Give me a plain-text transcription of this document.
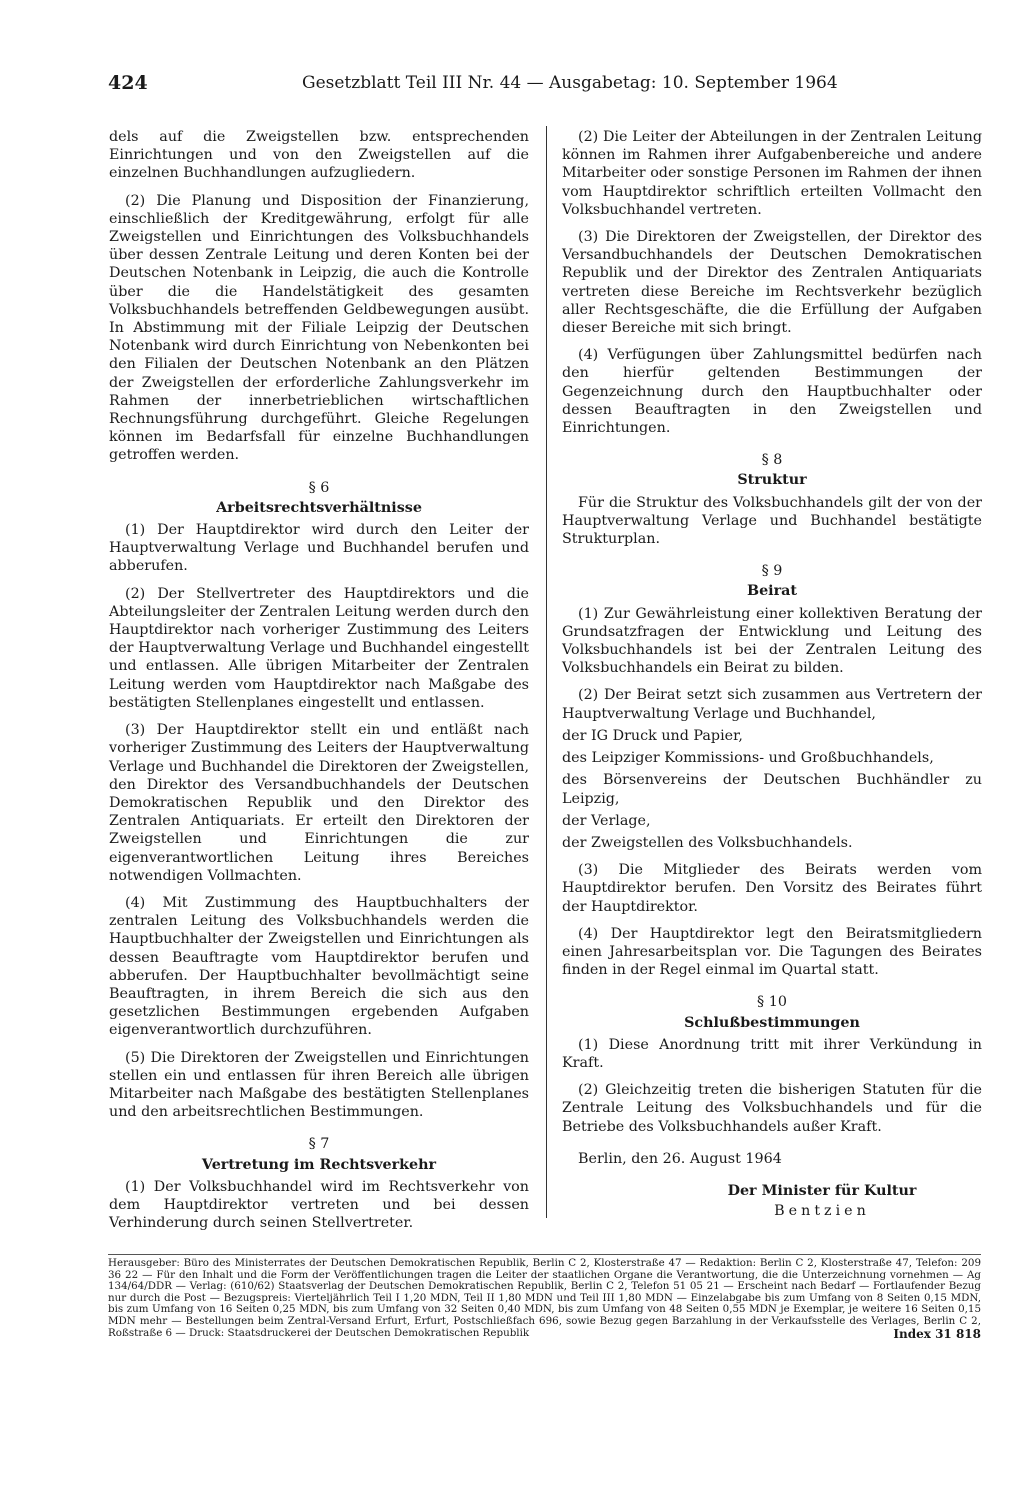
424	Gesetzblatt Teil III Nr. 44 — Ausgabetag: 10. September 1964

dels auf die Zweigstellen bzw. entsprechenden Einrichtungen und von den Zweigstellen auf die einzelnen Buchhandlungen aufzugliedern.

(2) Die Planung und Disposition der Finanzierung, einschließlich der Kreditgewährung, erfolgt für alle Zweigstellen und Einrichtungen des Volksbuchhandels über dessen Zentrale Leitung und deren Konten bei der Deutschen Notenbank in Leipzig, die auch die Kontrolle über die die Handelstätigkeit des gesamten Volksbuchhandels betreffenden Geldbewegungen ausübt. In Abstimmung mit der Filiale Leipzig der Deutschen Notenbank wird durch Einrichtung von Nebenkonten bei den Filialen der Deutschen Notenbank an den Plätzen der Zweigstellen der erforderliche Zahlungsverkehr im Rahmen der innerbetrieblichen wirtschaftlichen Rechnungsführung durchgeführt. Gleiche Regelungen können im Bedarfsfall für einzelne Buchhandlungen getroffen werden.

§ 6
Arbeitsrechtsverhältnisse

(1) Der Hauptdirektor wird durch den Leiter der Hauptverwaltung Verlage und Buchhandel berufen und abberufen.

(2) Der Stellvertreter des Hauptdirektors und die Abteilungsleiter der Zentralen Leitung werden durch den Hauptdirektor nach vorheriger Zustimmung des Leiters der Hauptverwaltung Verlage und Buchhandel eingestellt und entlassen. Alle übrigen Mitarbeiter der Zentralen Leitung werden vom Hauptdirektor nach Maßgabe des bestätigten Stellenplanes eingestellt und entlassen.

(3) Der Hauptdirektor stellt ein und entläßt nach vorheriger Zustimmung des Leiters der Hauptverwaltung Verlage und Buchhandel die Direktoren der Zweigstellen, den Direktor des Versandbuchhandels der Deutschen Demokratischen Republik und den Direktor des Zentralen Antiquariats. Er erteilt den Direktoren der Zweigstellen und Einrichtungen die zur eigenverantwortlichen Leitung ihres Bereiches notwendigen Vollmachten.

(4) Mit Zustimmung des Hauptbuchhalters der zentralen Leitung des Volksbuchhandels werden die Hauptbuchhalter der Zweigstellen und Einrichtungen als dessen Beauftragte vom Hauptdirektor berufen und abberufen. Der Hauptbuchhalter bevollmächtigt seine Beauftragten, in ihrem Bereich die sich aus den gesetzlichen Bestimmungen ergebenden Aufgaben eigenverantwortlich durchzuführen.

(5) Die Direktoren der Zweigstellen und Einrichtungen stellen ein und entlassen für ihren Bereich alle übrigen Mitarbeiter nach Maßgabe des bestätigten Stellenplanes und den arbeitsrechtlichen Bestimmungen.

§ 7
Vertretung im Rechtsverkehr

(1) Der Volksbuchhandel wird im Rechtsverkehr von dem Hauptdirektor vertreten und bei dessen Verhinderung durch seinen Stellvertreter.

(2) Die Leiter der Abteilungen in der Zentralen Leitung können im Rahmen ihrer Aufgabenbereiche und andere Mitarbeiter oder sonstige Personen im Rahmen der ihnen vom Hauptdirektor schriftlich erteilten Vollmacht den Volksbuchhandel vertreten.

(3) Die Direktoren der Zweigstellen, der Direktor des Versandbuchhandels der Deutschen Demokratischen Republik und der Direktor des Zentralen Antiquariats vertreten diese Bereiche im Rechtsverkehr bezüglich aller Rechtsgeschäfte, die die Erfüllung der Aufgaben dieser Bereiche mit sich bringt.

(4) Verfügungen über Zahlungsmittel bedürfen nach den hierfür geltenden Bestimmungen der Gegenzeichnung durch den Hauptbuchhalter oder dessen Beauftragten in den Zweigstellen und Einrichtungen.

§ 8
Struktur

Für die Struktur des Volksbuchhandels gilt der von der Hauptverwaltung Verlage und Buchhandel bestätigte Strukturplan.

§ 9
Beirat

(1) Zur Gewährleistung einer kollektiven Beratung der Grundsatzfragen der Entwicklung und Leitung des Volksbuchhandels ist bei der Zentralen Leitung des Volksbuchhandels ein Beirat zu bilden.

(2) Der Beirat setzt sich zusammen aus Vertretern der Hauptverwaltung Verlage und Buchhandel,

der IG Druck und Papier,

des Leipziger Kommissions- und Großbuchhandels,

des Börsenvereins der Deutschen Buchhändler zu Leipzig,

der Verlage,

der Zweigstellen des Volksbuchhandels.

(3) Die Mitglieder des Beirats werden vom Hauptdirektor berufen. Den Vorsitz des Beirates führt der Hauptdirektor.

(4) Der Hauptdirektor legt den Beiratsmitgliedern einen Jahresarbeitsplan vor. Die Tagungen des Beirates finden in der Regel einmal im Quartal statt.

§ 10
Schlußbestimmungen

(1) Diese Anordnung tritt mit ihrer Verkündung in Kraft.

(2) Gleichzeitig treten die bisherigen Statuten für die Zentrale Leitung des Volksbuchhandels und für die Betriebe des Volksbuchhandels außer Kraft.

Berlin, den 26. August 1964

Der Minister für Kultur
Bentzien
Herausgeber: Büro des Ministerrates der Deutschen Demokratischen Republik, Berlin C 2, Klosterstraße 47 — Redaktion: Berlin C 2, Klosterstraße 47, Telefon: 209 36 22 — Für den Inhalt und die Form der Veröffentlichungen tragen die Leiter der staatlichen Organe die Verantwortung, die die Unterzeichnung vornehmen — Ag 134/64/DDR — Verlag: (610/62) Staatsverlag der Deutschen Demokratischen Republik, Berlin C 2, Telefon 51 05 21 — Erscheint nach Bedarf — Fortlaufender Bezug nur durch die Post — Bezugspreis: Vierteljährlich Teil I 1,20 MDN, Teil II 1,80 MDN und Teil III 1,80 MDN — Einzelabgabe bis zum Umfang von 8 Seiten 0,15 MDN, bis zum Umfang von 16 Seiten 0,25 MDN, bis zum Umfang von 32 Seiten 0,40 MDN, bis zum Umfang von 48 Seiten 0,55 MDN je Exemplar, je weitere 16 Seiten 0,15 MDN mehr — Bestellungen beim Zentral-Versand Erfurt, Erfurt, Postschließfach 696, sowie Bezug gegen Barzahlung in der Verkaufsstelle des Verlages, Berlin C 2, Roßstraße 6 — Druck: Staatsdruckerei der Deutschen Demokratischen Republik	Index 31 818
